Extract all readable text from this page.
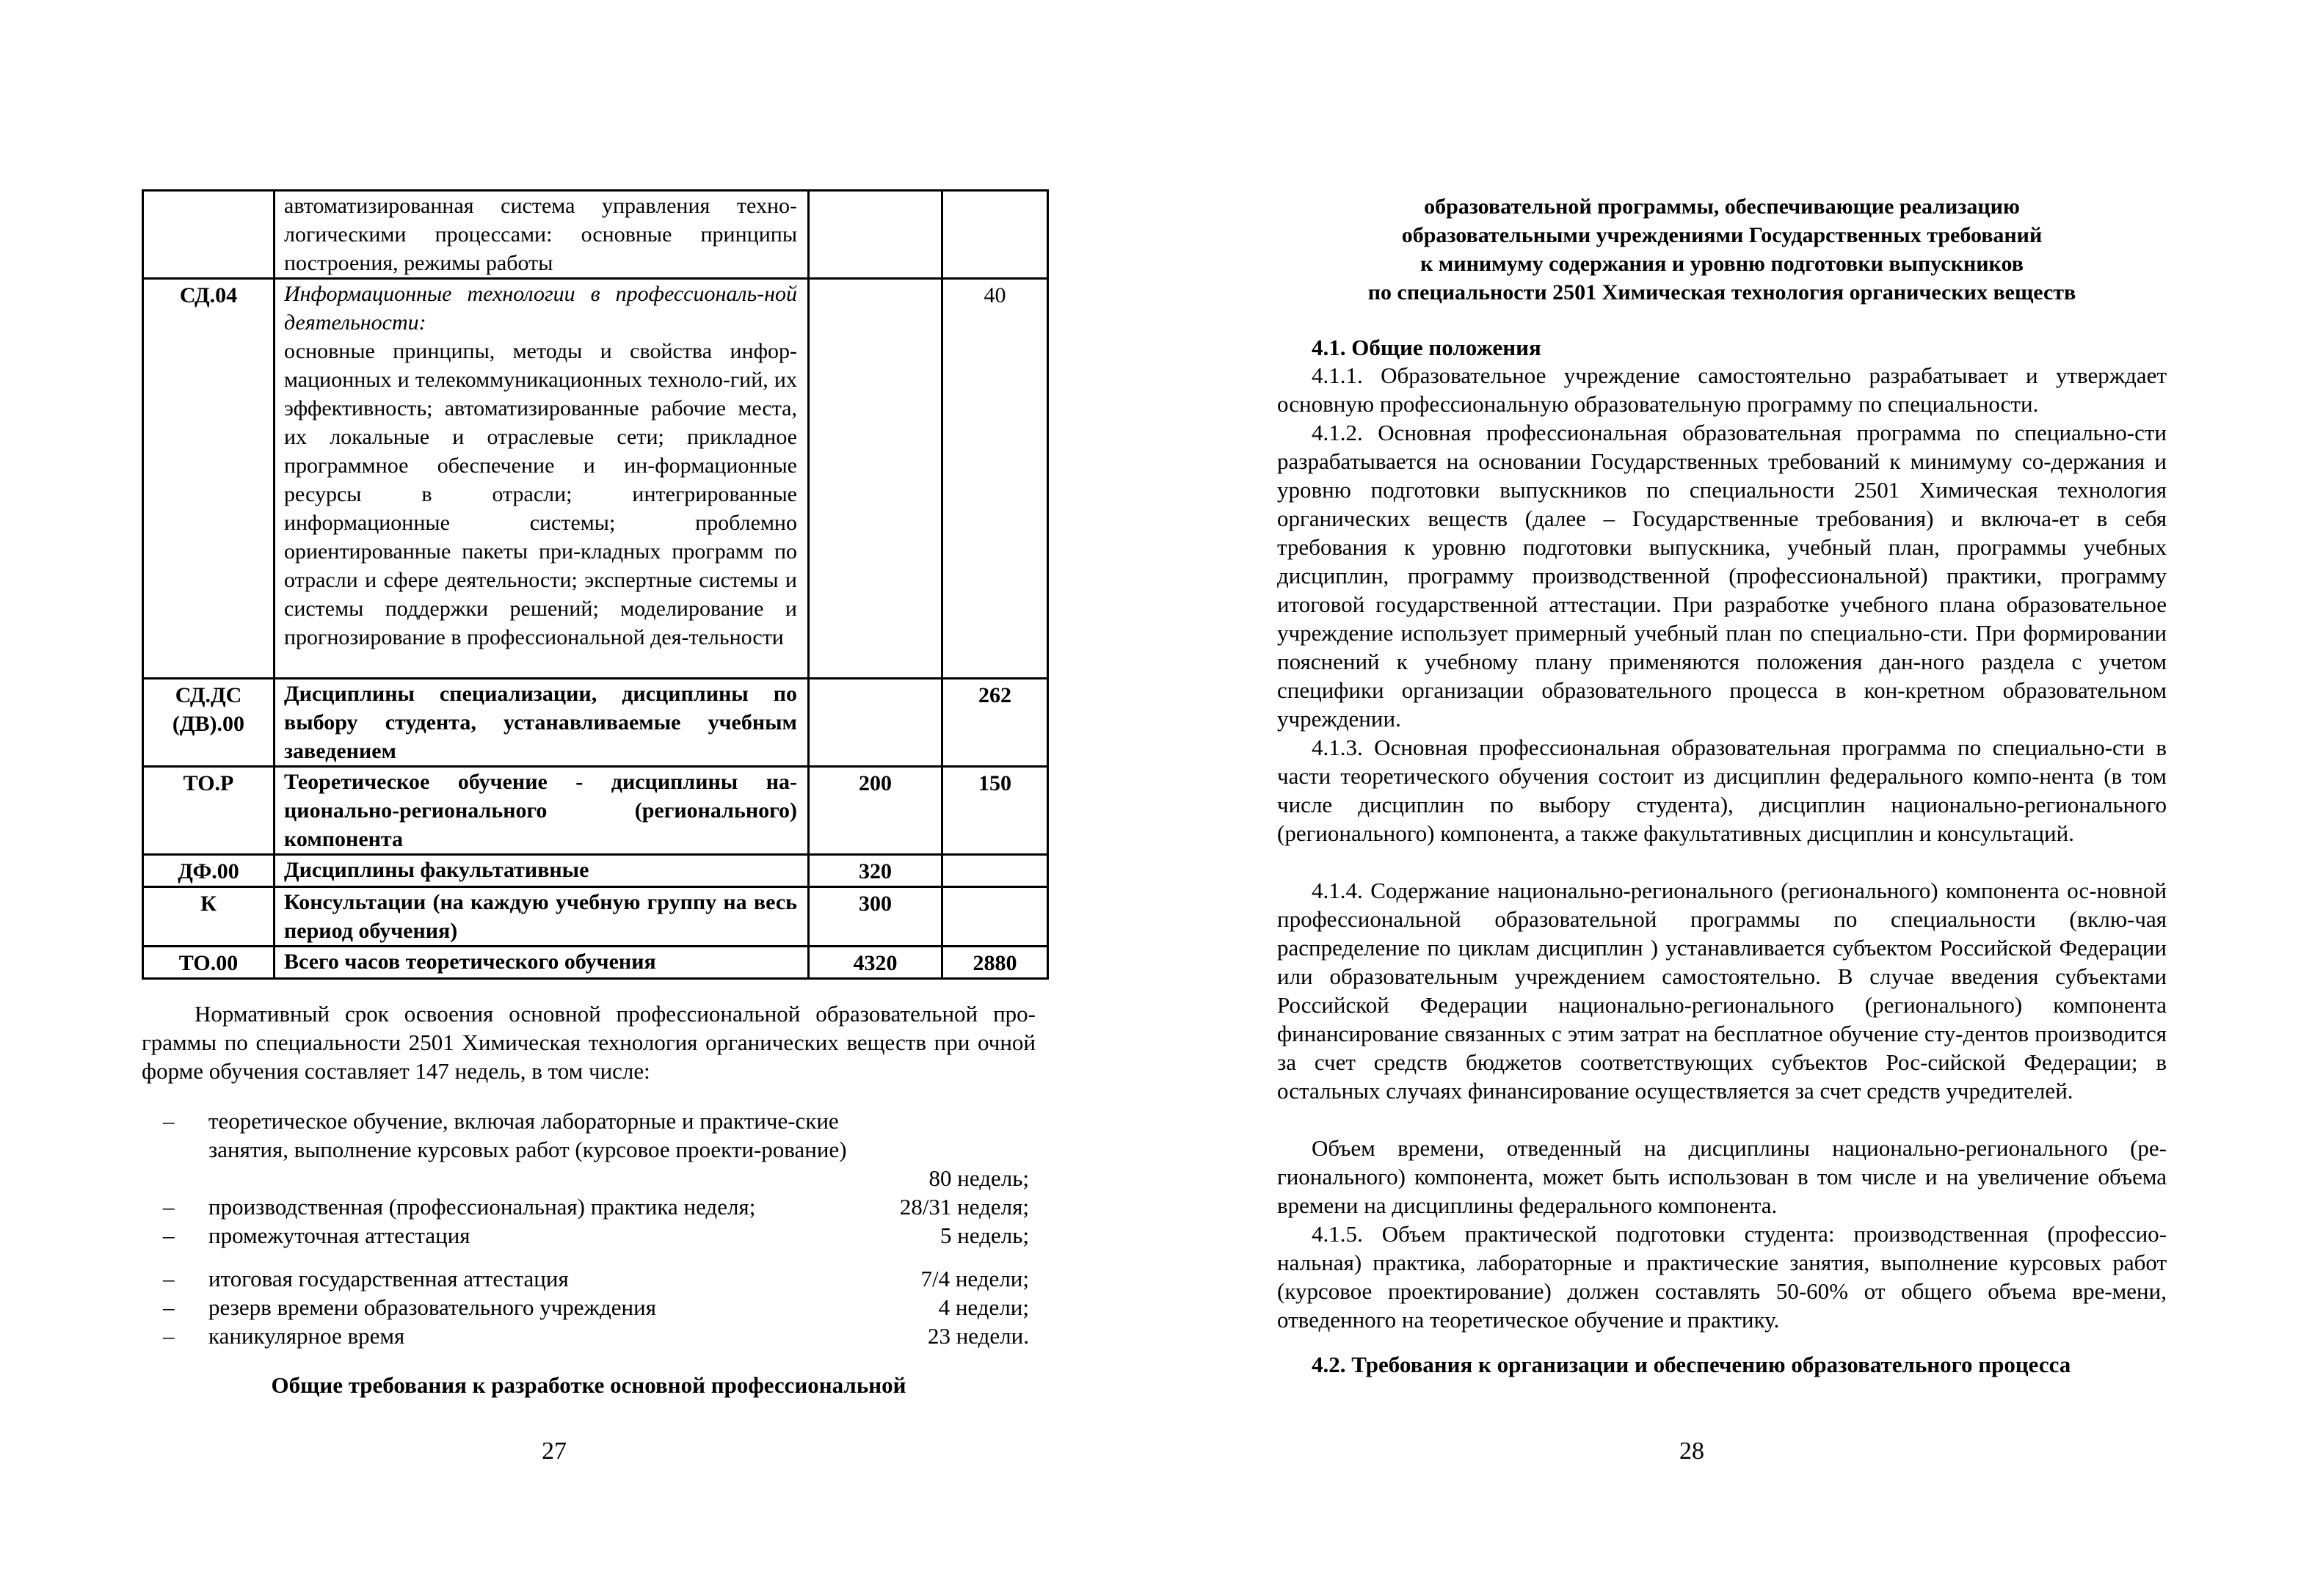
	автоматизированная система управления техно-логическими процессами: основные принципы построения, режимы работы		
СД.04	Информационные технологии в профессиональ-ной деятельности:
основные принципы, методы и свойства инфор-мационных и телекоммуникационных техноло-гий, их эффективность; автоматизированные рабочие места, их локальные и отраслевые сети; прикладное программное обеспечение и ин-формационные ресурсы в отрасли; интегрированные информационные системы; проблемно ориентированные пакеты при-кладных программ по отрасли и сфере деятельности; экспертные системы и системы поддержки решений; моделирование и прогнозирование в профессиональной дея-тельности		40
СД.ДС (ДВ).00	Дисциплины специализации, дисциплины по выбору студента, устанавливаемые учебным заведением		262
ТО.Р	Теоретическое обучение - дисциплины на-ционально-регионального (регионального) компонента	200	150
ДФ.00	Дисциплины факультативные	320	
К	Консультации (на каждую учебную группу на весь период обучения)	300	
ТО.00	Всего часов теоретического обучения	4320	2880
Нормативный срок освоения основной профессиональной образовательной про-граммы по специальности 2501 Химическая технология органических веществ при очной форме обучения составляет 147 недель, в том числе:
– теоретическое обучение, включая лабораторные и практиче-ские занятия, выполнение курсовых работ (курсовое проекти-рование)
80 недель;
– производственная (профессиональная) практика неделя;	28/31 неделя;
– промежуточная аттестация	5 недель;
– итоговая государственная аттестация	7/4 недели;
– резерв времени образовательного учреждения	4 недели;
– каникулярное время	23 недели.
Общие требования к разработке основной профессиональной
27
образовательной программы, обеспечивающие реализацию
образовательными учреждениями Государственных требований
к минимуму содержания и уровню подготовки выпускников
по специальности 2501 Химическая технология органических веществ
4.1. Общие положения
4.1.1. Образовательное учреждение самостоятельно разрабатывает и утверждает основную профессиональную образовательную программу по специальности.
4.1.2. Основная профессиональная образовательная программа по специально-сти разрабатывается на основании Государственных требований к минимуму со-держания и уровню подготовки выпускников по специальности 2501 Химическая технология органических веществ (далее – Государственные требования) и включа-ет в себя требования к уровню подготовки выпускника, учебный план, программы учебных дисциплин, программу производственной (профессиональной) практики, программу итоговой государственной аттестации. При разработке учебного плана образовательное учреждение использует примерный учебный план по специально-сти. При формировании пояснений к учебному плану применяются положения дан-ного раздела с учетом специфики организации образовательного процесса в кон-кретном образовательном учреждении.
4.1.3. Основная профессиональная образовательная программа по специально-сти в части теоретического обучения состоит из дисциплин федерального компо-нента (в том числе дисциплин по выбору студента), дисциплин национально-регионального (регионального) компонента, а также факультативных дисциплин и консультаций.
4.1.4. Содержание национально-регионального (регионального) компонента ос-новной профессиональной образовательной программы по специальности (вклю-чая распределение по циклам дисциплин ) устанавливается субъектом Российской Федерации или образовательным учреждением самостоятельно. В случае введения субъектами Российской Федерации национально-регионального (регионального) компонента финансирование связанных с этим затрат на бесплатное обучение сту-дентов производится за счет средств бюджетов соответствующих субъектов Рос-сийской Федерации; в остальных случаях финансирование осуществляется за счет средств учредителей.
Объем времени, отведенный на дисциплины национально-регионального (ре-гионального) компонента, может быть использован в том числе и на увеличение объема времени на дисциплины федерального компонента.
4.1.5. Объем практической подготовки студента: производственная (профессио-нальная) практика, лабораторные и практические занятия, выполнение курсовых работ (курсовое проектирование) должен составлять 50-60% от общего объема вре-мени, отведенного на теоретическое обучение и практику.
4.2. Требования к организации и обеспечению образовательного процесса
28
